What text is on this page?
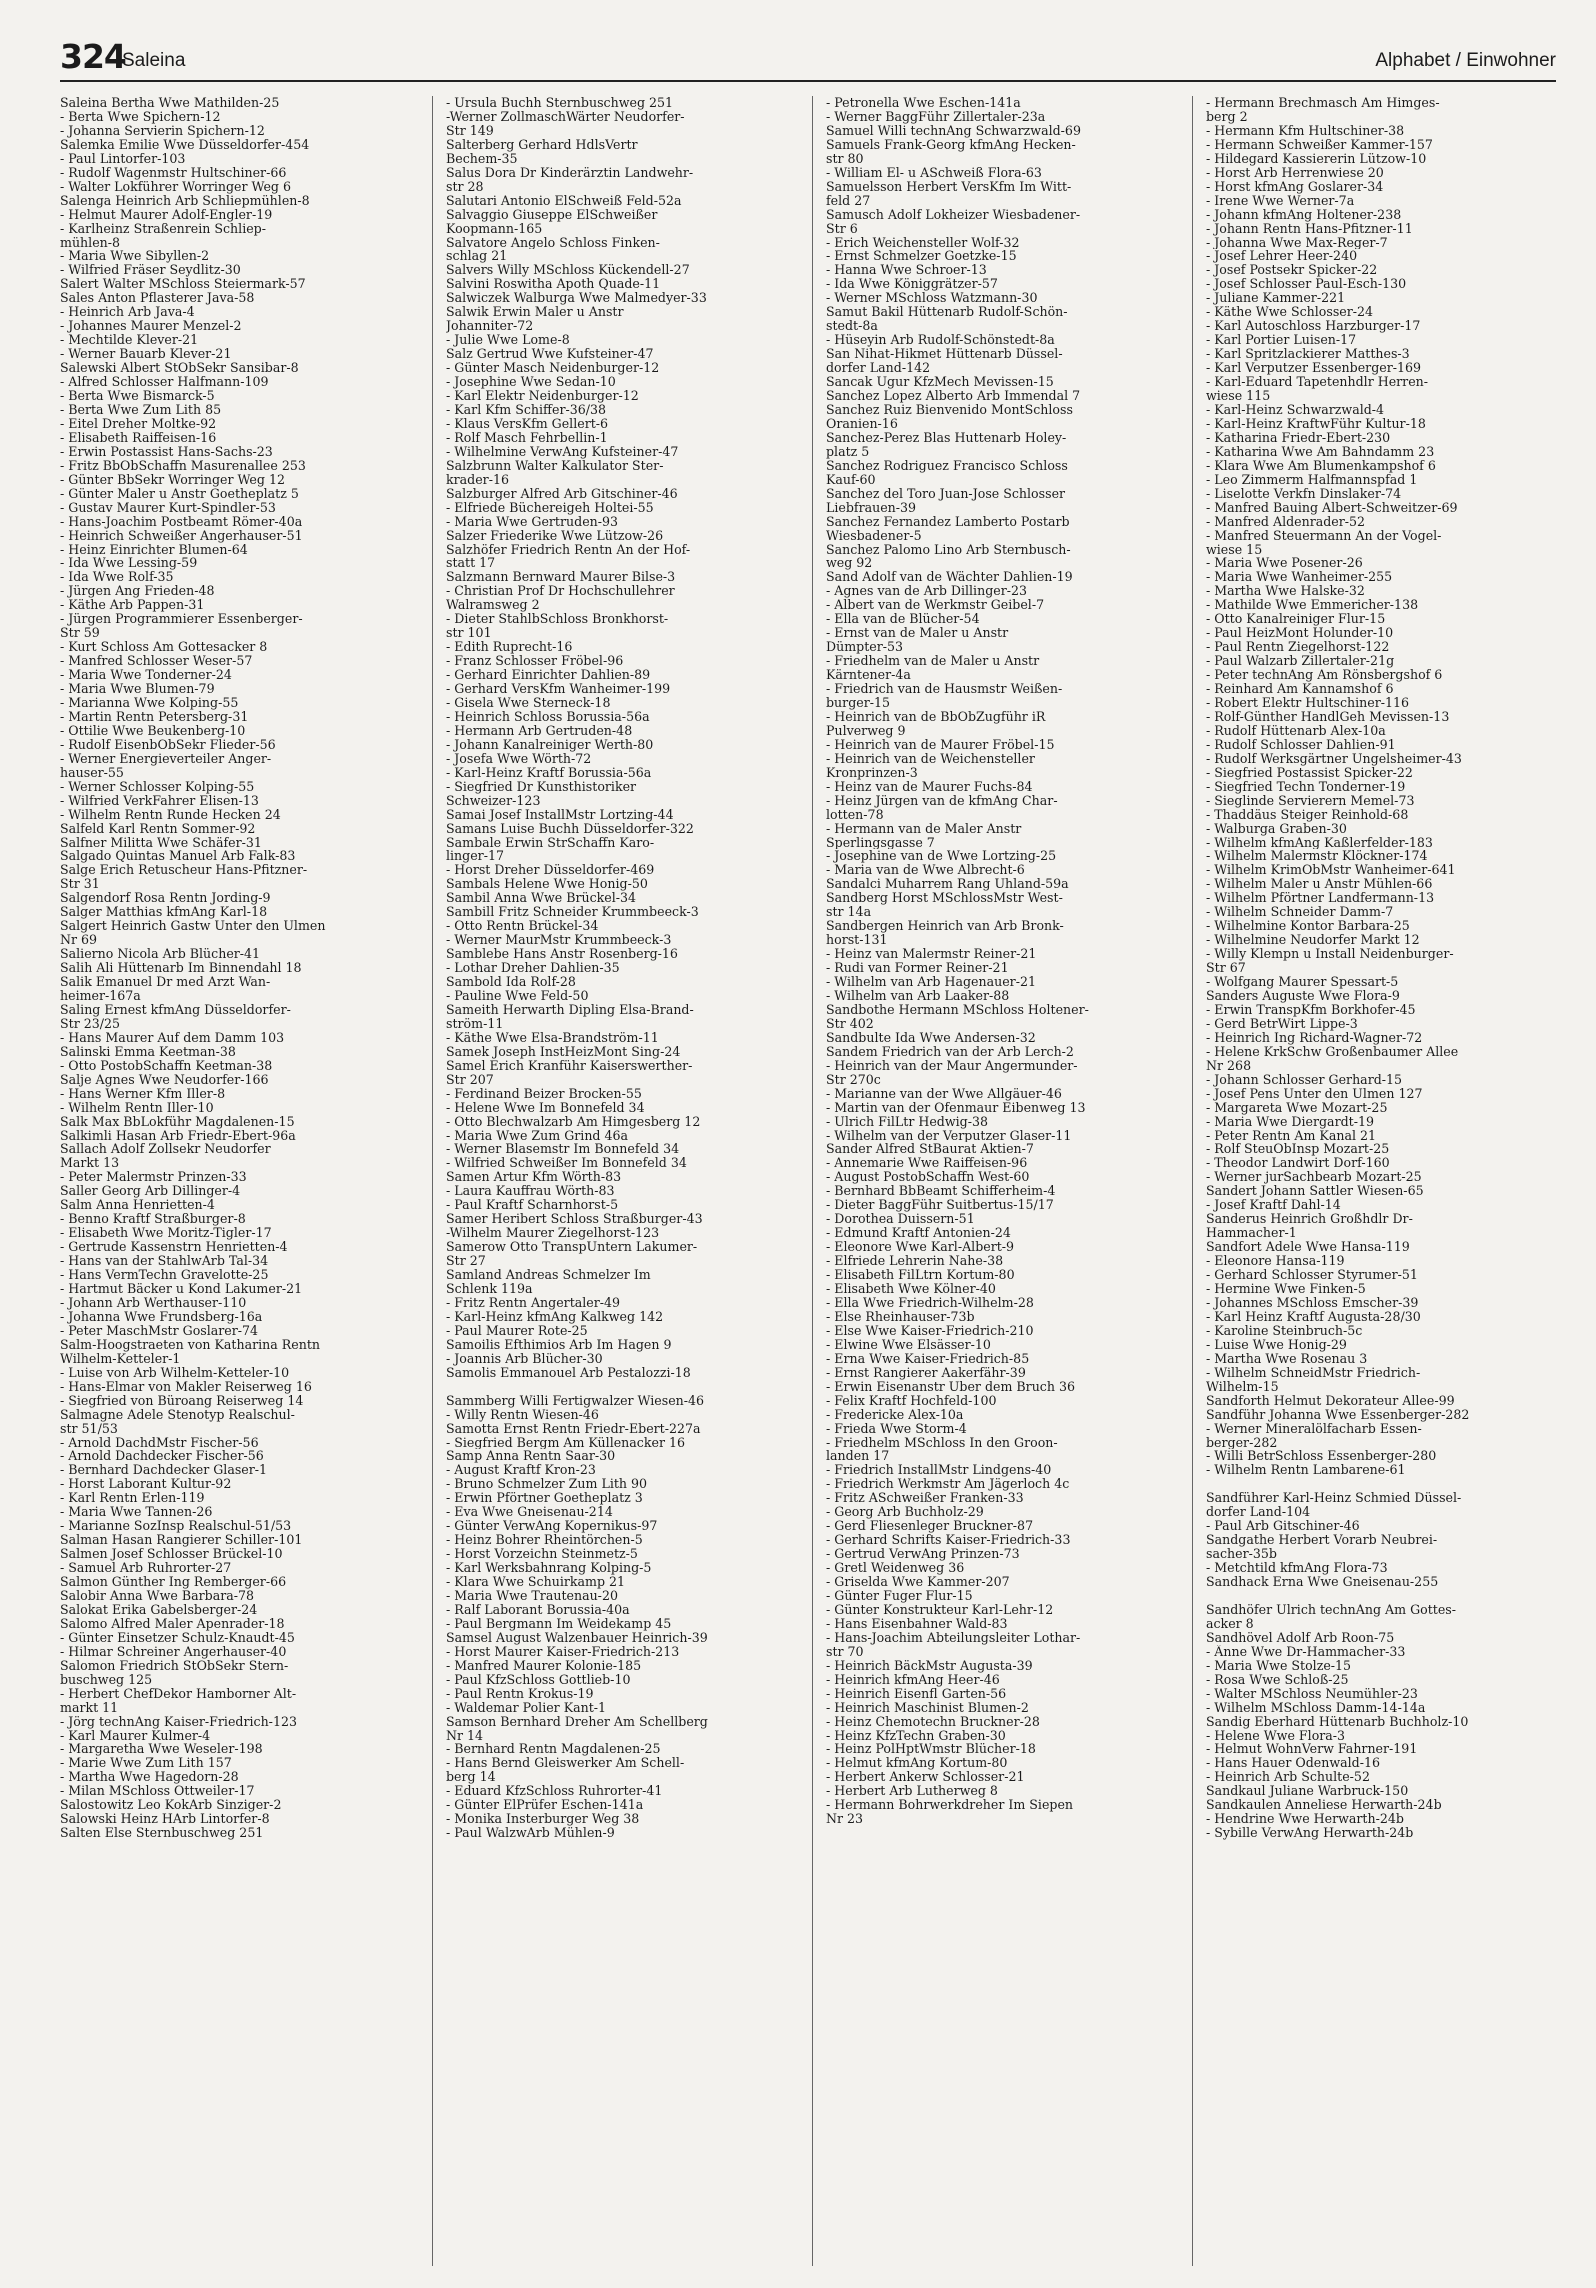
324
Saleina	Alphabet / Einwohner
Saleina Bertha Wwe Mathilden-25
- Berta Wwe Spichern-12
- Johanna Servierin Spichern-12
Salemka Emilie Wwe Düsseldorfer-454
- Paul Lintorfer-103
- Rudolf Wagenmstr Hultschiner-66
- Walter Lokführer Worringer Weg 6
Salenga Heinrich Arb Schliepmühlen-8
- Helmut Maurer Adolf-Engler-19
- Karlheinz Straßenrein Schliep-
mühlen-8
- Maria Wwe Sibyllen-2
- Wilfried Fräser Seydlitz-30
Salert Walter MSchloss Steiermark-57
Sales Anton Pflasterer Java-58
- Heinrich Arb Java-4
- Johannes Maurer Menzel-2
- Mechtilde Klever-21
- Werner Bauarb Klever-21
Salewski Albert StObSekr Sansibar-8
- Alfred Schlosser Halfmann-109
- Berta Wwe Bismarck-5
- Berta Wwe Zum Lith 85
- Eitel Dreher Moltke-92
- Elisabeth Raiffeisen-16
- Erwin Postassist Hans-Sachs-23
- Fritz BbObSchaffn Masurenallee 253
- Günter BbSekr Worringer Weg 12
- Günter Maler u Anstr Goetheplatz 5
- Gustav Maurer Kurt-Spindler-53
- Hans-Joachim Postbeamt Römer-40a
- Heinrich Schweißer Angerhauser-51
- Heinz Einrichter Blumen-64
- Ida Wwe Lessing-59
- Ida Wwe Rolf-35
- Jürgen Ang Frieden-48
- Käthe Arb Pappen-31
- Jürgen Programmierer Essenberger-
Str 59
- Kurt Schloss Am Gottesacker 8
- Manfred Schlosser Weser-57
- Maria Wwe Tonderner-24
- Maria Wwe Blumen-79
- Marianna Wwe Kolping-55
- Martin Rentn Petersberg-31
- Ottilie Wwe Beukenberg-10
- Rudolf EisenbObSekr Flieder-56
- Werner Energieverteiler Anger-
hauser-55
- Werner Schlosser Kolping-55
- Wilfried VerkFahrer Elisen-13
- Wilhelm Rentn Runde Hecken 24
Salfeld Karl Rentn Sommer-92
Salfner Militta Wwe Schäfer-31
Salgado Quintas Manuel Arb Falk-83
Salge Erich Retuscheur Hans-Pfitzner-
Str 31
Salgendorf Rosa Rentn Jording-9
Salger Matthias kfmAng Karl-18
Salgert Heinrich Gastw Unter den Ulmen
Nr 69
Salierno Nicola Arb Blücher-41
Salih Ali Hüttenarb Im Binnendahl 18
Salik Emanuel Dr med Arzt Wan-
heimer-167a
Saling Ernest kfmAng Düsseldorfer-
Str 23/25
- Hans Maurer Auf dem Damm 103
Salinski Emma Keetman-38
- Otto PostobSchaffn Keetman-38
Salje Agnes Wwe Neudorfer-166
- Hans Werner Kfm Iller-8
- Wilhelm Rentn Iller-10
Salk Max BbLokführ Magdalenen-15
Salkimli Hasan Arb Friedr-Ebert-96a
Sallach Adolf Zollsekr Neudorfer
Markt 13
- Peter Malermstr Prinzen-33
Saller Georg Arb Dillinger-4
Salm Anna Henrietten-4
- Benno Kraftf Straßburger-8
- Elisabeth Wwe Moritz-Tigler-17
- Gertrude Kassenstrn Henrietten-4
- Hans van der StahlwArb Tal-34
- Hans VermTechn Gravelotte-25
- Hartmut Bäcker u Kond Lakumer-21
- Johann Arb Werthauser-110
- Johanna Wwe Frundsberg-16a
- Peter MaschMstr Goslarer-74
Salm-Hoogstraeten von Katharina Rentn
Wilhelm-Ketteler-1
- Luise von Arb Wilhelm-Ketteler-10
- Hans-Elmar von Makler Reiserweg 16
- Siegfried von Büroang Reiserweg 14
Salmagne Adele Stenotyp Realschul-
str 51/53
- Arnold DachdMstr Fischer-56
- Arnold Dachdecker Fischer-56
- Bernhard Dachdecker Glaser-1
- Horst Laborant Kultur-92
- Karl Rentn Erlen-119
- Maria Wwe Tannen-26
- Marianne SozInsp Realschul-51/53
Salman Hasan Rangierer Schiller-101
Salmen Josef Schlosser Brückel-10
- Samuel Arb Ruhrorter-27
Salmon Günther Ing Remberger-66
Salobir Anna Wwe Barbara-78
Salokat Erika Gabelsberger-24
Salomo Alfred Maler Apenrader-18
- Günter Einsetzer Schulz-Knaudt-45
- Hilmar Schreiner Angerhauser-40
Salomon Friedrich StObSekr Stern-
buschweg 125
- Herbert ChefDekor Hamborner Alt-
markt 11
- Jörg technAng Kaiser-Friedrich-123
- Karl Maurer Kulmer-4
- Margaretha Wwe Weseler-198
- Marie Wwe Zum Lith 157
- Martha Wwe Hagedorn-28
- Milan MSchloss Ottweiler-17
Salostowitz Leo KokArb Sinziger-2
Salowski Heinz HArb Lintorfer-8
Salten Else Sternbuschweg 251
- Ursula Buchh Sternbuschweg 251
-Werner ZollmaschWärter Neudorfer-
Str 149
Salterberg Gerhard HdlsVertr
Bechem-35
Salus Dora Dr Kinderärztin Landwehr-
str 28
Salutari Antonio ElSchweiß Feld-52a
Salvaggio Giuseppe ElSchweißer
Koopmann-165
Salvatore Angelo Schloss Finken-
schlag 21
Salvers Willy MSchloss Kückendell-27
Salvini Roswitha Apoth Quade-11
Salwiczek Walburga Wwe Malmedyer-33
Salwik Erwin Maler u Anstr
Johanniter-72
- Julie Wwe Lome-8
Salz Gertrud Wwe Kufsteiner-47
- Günter Masch Neidenburger-12
- Josephine Wwe Sedan-10
- Karl Elektr Neidenburger-12
- Karl Kfm Schiffer-36/38
- Klaus VersKfm Gellert-6
- Rolf Masch Fehrbellin-1
- Wilhelmine VerwAng Kufsteiner-47
Salzbrunn Walter Kalkulator Ster-
krader-16
Salzburger Alfred Arb Gitschiner-46
- Elfriede Büchereigeh Holtei-55
- Maria Wwe Gertruden-93
Salzer Friederike Wwe Lützow-26
Salzhöfer Friedrich Rentn An der Hof-
statt 17
Salzmann Bernward Maurer Bilse-3
- Christian Prof Dr Hochschullehrer
Walramsweg 2
- Dieter StahlbSchloss Bronkhorst-
str 101
- Edith Ruprecht-16
- Franz Schlosser Fröbel-96
- Gerhard Einrichter Dahlien-89
- Gerhard VersKfm Wanheimer-199
- Gisela Wwe Sterneck-18
- Heinrich Schloss Borussia-56a
- Hermann Arb Gertruden-48
- Johann Kanalreiniger Werth-80
- Josefa Wwe Wörth-72
- Karl-Heinz Kraftf Borussia-56a
- Siegfried Dr Kunsthistoriker
Schweizer-123
Samai Josef InstallMstr Lortzing-44
Samans Luise Buchh Düsseldorfer-322
Sambale Erwin StrSchaffn Karo-
linger-17
- Horst Dreher Düsseldorfer-469
Sambals Helene Wwe Honig-50
Sambil Anna Wwe Brückel-34
Sambill Fritz Schneider Krummbeeck-3
- Otto Rentn Brückel-34
- Werner MaurMstr Krummbeeck-3
Samblebe Hans Anstr Rosenberg-16
- Lothar Dreher Dahlien-35
Sambold Ida Rolf-28
- Pauline Wwe Feld-50
Sameith Herwarth Dipling Elsa-Brand-
ström-11
- Käthe Wwe Elsa-Brandström-11
Samek Joseph InstHeizMont Sing-24
Samel Erich Kranführ Kaiserswerther-
Str 207
- Ferdinand Beizer Brocken-55
- Helene Wwe Im Bonnefeld 34
- Otto Blechwalzarb Am Himgesberg 12
- Maria Wwe Zum Grind 46a
- Werner Blasemstr Im Bonnefeld 34
- Wilfried Schweißer Im Bonnefeld 34
Samen Artur Kfm Wörth-83
- Laura Kauffrau Wörth-83
- Paul Kraftf Scharnhorst-5
Samer Heribert Schloss Straßburger-43
-Wilhelm Maurer Ziegelhorst-123
Samerow Otto TranspUntern Lakumer-
Str 27
Samland Andreas Schmelzer Im
Schlenk 119a
- Fritz Rentn Angertaler-49
- Karl-Heinz kfmAng Kalkweg 142
- Paul Maurer Rote-25
Samoilis Efthimios Arb Im Hagen 9
- Joannis Arb Blücher-30
Samolis Emmanouel Arb Pestalozzi-18

Sammberg Willi Fertigwalzer Wiesen-46
- Willy Rentn Wiesen-46
Samotta Ernst Rentn Friedr-Ebert-227a
- Siegfried Bergm Am Küllenacker 16
Samp Anna Rentn Saar-30
- August Kraftf Kron-23
- Bruno Schmelzer Zum Lith 90
- Erwin Pförtner Goetheplatz 3
- Eva Wwe Gneisenau-214
- Günter VerwAng Kopernikus-97
- Heinz Bohrer Rheintörchen-5
- Horst Vorzeichn Steinmetz-5
- Karl Werksbahnrang Kolping-5
- Klara Wwe Schuirkamp 21
- Maria Wwe Trautenau-20
- Ralf Laborant Borussia-40a
- Paul Bergmann Im Weidekamp 45
Samsel August Walzenbauer Heinrich-39
- Horst Maurer Kaiser-Friedrich-213
- Manfred Maurer Kolonie-185
- Paul KfzSchloss Gottlieb-10
- Paul Rentn Krokus-19
- Waldemar Polier Kant-1
Samson Bernhard Dreher Am Schellberg
Nr 14
- Bernhard Rentn Magdalenen-25
- Hans Bernd Gleiswerker Am Schell-
berg 14
- Eduard KfzSchloss Ruhrorter-41
- Günter ElPrüfer Eschen-141a
- Monika Insterburger Weg 38
- Paul WalzwArb Mühlen-9
- Petronella Wwe Eschen-141a
- Werner BaggFühr Zillertaler-23a
Samuel Willi technAng Schwarzwald-69
Samuels Frank-Georg kfmAng Hecken-
str 80
- William El- u ASchweiß Flora-63
Samuelsson Herbert VersKfm Im Witt-
feld 27
Samusch Adolf Lokheizer Wiesbadener-
Str 6
- Erich Weichensteller Wolf-32
- Ernst Schmelzer Goetzke-15
- Hanna Wwe Schroer-13
- Ida Wwe Königgrätzer-57
- Werner MSchloss Watzmann-30
Samut Bakil Hüttenarb Rudolf-Schön-
stedt-8a
- Hüseyin Arb Rudolf-Schönstedt-8a
San Nihat-Hikmet Hüttenarb Düssel-
dorfer Land-142
Sancak Ugur KfzMech Mevissen-15
Sanchez Lopez Alberto Arb Immendal 7
Sanchez Ruiz Bienvenido MontSchloss
Oranien-16
Sanchez-Perez Blas Huttenarb Holey-
platz 5
Sanchez Rodriguez Francisco Schloss
Kauf-60
Sanchez del Toro Juan-Jose Schlosser
Liebfrauen-39
Sanchez Fernandez Lamberto Postarb
Wiesbadener-5
Sanchez Palomo Lino Arb Sternbusch-
weg 92
Sand Adolf van de Wächter Dahlien-19
- Agnes van de Arb Dillinger-23
- Albert van de Werkmstr Geibel-7
- Ella van de Blücher-54
- Ernst van de Maler u Anstr
Dümpter-53
- Friedhelm van de Maler u Anstr
Kärntener-4a
- Friedrich van de Hausmstr Weißen-
burger-15
- Heinrich van de BbObZugführ iR
Pulverweg 9
- Heinrich van de Maurer Fröbel-15
- Heinrich van de Weichensteller
Kronprinzen-3
- Heinz van de Maurer Fuchs-84
- Heinz Jürgen van de kfmAng Char-
lotten-78
- Hermann van de Maler Anstr
Sperlingsgasse 7
- Josephine van de Wwe Lortzing-25
- Maria van de Wwe Albrecht-6
Sandalci Muharrem Rang Uhland-59a
Sandberg Horst MSchlossMstr West-
str 14a
Sandbergen Heinrich van Arb Bronk-
horst-131
- Heinz van Malermstr Reiner-21
- Rudi van Former Reiner-21
- Wilhelm van Arb Hagenauer-21
- Wilhelm van Arb Laaker-88
Sandbothe Hermann MSchloss Holtener-
Str 402
Sandbulte Ida Wwe Andersen-32
Sandem Friedrich van der Arb Lerch-2
- Heinrich van der Maur Angermunder-
Str 270c
- Marianne van der Wwe Allgäuer-46
- Martin van der Ofenmaur Eibenweg 13
- Ulrich FilLtr Hedwig-38
- Wilhelm van der Verputzer Glaser-11
Sander Alfred StBaurat Aktien-7
- Annemarie Wwe Raiffeisen-96
- August PostobSchaffn West-60
- Bernhard BbBeamt Schifferheim-4
- Dieter BaggFühr Suitbertus-15/17
- Dorothea Duissern-51
- Edmund Kraftf Antonien-24
- Eleonore Wwe Karl-Albert-9
- Elfriede Lehrerin Nahe-38
- Elisabeth FilLtrn Kortum-80
- Elisabeth Wwe Kölner-40
- Ella Wwe Friedrich-Wilhelm-28
- Else Rheinhauser-73b
- Else Wwe Kaiser-Friedrich-210
- Elwine Wwe Elsässer-10
- Erna Wwe Kaiser-Friedrich-85
- Ernst Rangierer Aakerfähr-39
- Erwin Eisenanstr Über dem Bruch 36
- Felix Kraftf Hochfeld-100
- Fredericke Alex-10a
- Frieda Wwe Storm-4
- Friedhelm MSchloss In den Groon-
landen 17
- Friedrich InstallMstr Lindgens-40
- Friedrich Werkmstr Am Jägerloch 4c
- Fritz ASchweißer Franken-33
- Georg Arb Buchholz-29
- Gerd Fliesenleger Bruckner-87
- Gerhard Schrifts Kaiser-Friedrich-33
- Gertrud VerwAng Prinzen-73
- Gretl Weidenweg 36
- Griselda Wwe Kammer-207
- Günter Fuger Flur-15
- Günter Konstrukteur Karl-Lehr-12
- Hans Eisenbahner Wald-83
- Hans-Joachim Abteilungsleiter Lothar-
str 70
- Heinrich BäckMstr Augusta-39
- Heinrich kfmAng Heer-46
- Heinrich Eisenfl Garten-56
- Heinrich Maschinist Blumen-2
- Heinz Chemotechn Bruckner-28
- Heinz KfzTechn Graben-30
- Heinz PolHptWmstr Blücher-18
- Helmut kfmAng Kortum-80
- Herbert Ankerw Schlosser-21
- Herbert Arb Lutherweg 8
- Hermann Bohrwerkdreher Im Siepen
Nr 23
- Hermann Brechmasch Am Himges-
berg 2
- Hermann Kfm Hultschiner-38
- Hermann Schweißer Kammer-157
- Hildegard Kassiererin Lützow-10
- Horst Arb Herrenwiese 20
- Horst kfmAng Goslarer-34
- Irene Wwe Werner-7a
- Johann kfmAng Holtener-238
- Johann Rentn Hans-Pfitzner-11
- Johanna Wwe Max-Reger-7
- Josef Lehrer Heer-240
- Josef Postsekr Spicker-22
- Josef Schlosser Paul-Esch-130
- Juliane Kammer-221
- Käthe Wwe Schlosser-24
- Karl Autoschloss Harzburger-17
- Karl Portier Luisen-17
- Karl Spritzlackierer Matthes-3
- Karl Verputzer Essenberger-169
- Karl-Eduard Tapetenhdlr Herren-
wiese 115
- Karl-Heinz Schwarzwald-4
- Karl-Heinz KraftwFühr Kultur-18
- Katharina Friedr-Ebert-230
- Katharina Wwe Am Bahndamm 23
- Klara Wwe Am Blumenkampshof 6
- Leo Zimmerm Halfmannspfad 1
- Liselotte Verkfn Dinslaker-74
- Manfred Bauing Albert-Schweitzer-69
- Manfred Aldenrader-52
- Manfred Steuermann An der Vogel-
wiese 15
- Maria Wwe Posener-26
- Maria Wwe Wanheimer-255
- Martha Wwe Halske-32
- Mathilde Wwe Emmericher-138
- Otto Kanalreiniger Flur-15
- Paul HeizMont Holunder-10
- Paul Rentn Ziegelhorst-122
- Paul Walzarb Zillertaler-21g
- Peter technAng Am Rönsbergshof 6
- Reinhard Am Kannamshof 6
- Robert Elektr Hultschiner-116
- Rolf-Günther HandlGeh Mevissen-13
- Rudolf Hüttenarb Alex-10a
- Rudolf Schlosser Dahlien-91
- Rudolf Werksgärtner Ungelsheimer-43
- Siegfried Postassist Spicker-22
- Siegfried Techn Tonderner-19
- Sieglinde Servierern Memel-73
- Thaddäus Steiger Reinhold-68
- Walburga Graben-30
- Wilhelm kfmAng Kaßlerfelder-183
- Wilhelm Malermstr Klöckner-174
- Wilhelm KrimObMstr Wanheimer-641
- Wilhelm Maler u Anstr Mühlen-66
- Wilhelm Pförtner Landfermann-13
- Wilhelm Schneider Damm-7
- Wilhelmine Kontor Barbara-25
- Wilhelmine Neudorfer Markt 12
- Willy Klempn u Install Neidenburger-
Str 67
- Wolfgang Maurer Spessart-5
Sanders Auguste Wwe Flora-9
- Erwin TranspKfm Borkhofer-45
- Gerd BetrWirt Lippe-3
- Heinrich Ing Richard-Wagner-72
- Helene KrkSchw Großenbaumer Allee
Nr 268
- Johann Schlosser Gerhard-15
- Josef Pens Unter den Ulmen 127
- Margareta Wwe Mozart-25
- Maria Wwe Diergardt-19
- Peter Rentn Am Kanal 21
- Rolf SteuObInsp Mozart-25
- Theodor Landwirt Dorf-160
- Werner jurSachbearb Mozart-25
Sandert Johann Sattler Wiesen-65
- Josef Kraftf Dahl-14
Sanderus Heinrich Großhdlr Dr-
Hammacher-1
Sandfort Adele Wwe Hansa-119
- Eleonore Hansa-119
- Gerhard Schlosser Styrumer-51
- Hermine Wwe Finken-5
- Johannes MSchloss Emscher-39
- Karl Heinz Kraftf Augusta-28/30
- Karoline Steinbruch-5c
- Luise Wwe Honig-29
- Martha Wwe Rosenau 3
- Wilhelm SchneidMstr Friedrich-
Wilhelm-15
Sandforth Helmut Dekorateur Allee-99
Sandführ Johanna Wwe Essenberger-282
- Werner Mineralölfacharb Essen-
berger-282
- Willi BetrSchloss Essenberger-280
- Wilhelm Rentn Lambarene-61

Sandführer Karl-Heinz Schmied Düssel-
dorfer Land-104
- Paul Arb Gitschiner-46
Sandgathe Herbert Vorarb Neubrei-
sacher-35b
- Metchtild kfmAng Flora-73
Sandhack Erna Wwe Gneisenau-255

Sandhöfer Ulrich technAng Am Gottes-
acker 8
Sandhövel Adolf Arb Roon-75
- Änne Wwe Dr-Hammacher-33
- Maria Wwe Stolze-15
- Rosa Wwe Schloß-25
- Walter MSchloss Neumühler-23
- Wilhelm MSchloss Damm-14-14a
Sandig Eberhard Hüttenarb Buchholz-10
- Helene Wwe Flora-3
- Helmut WohnVerw Fahrner-191
- Hans Hauer Odenwald-16
- Heinrich Arb Schulte-52
Sandkaul Juliane Warbruck-150
Sandkaulen Anneliese Herwarth-24b
- Hendrine Wwe Herwarth-24b
- Sybille VerwAng Herwarth-24b
